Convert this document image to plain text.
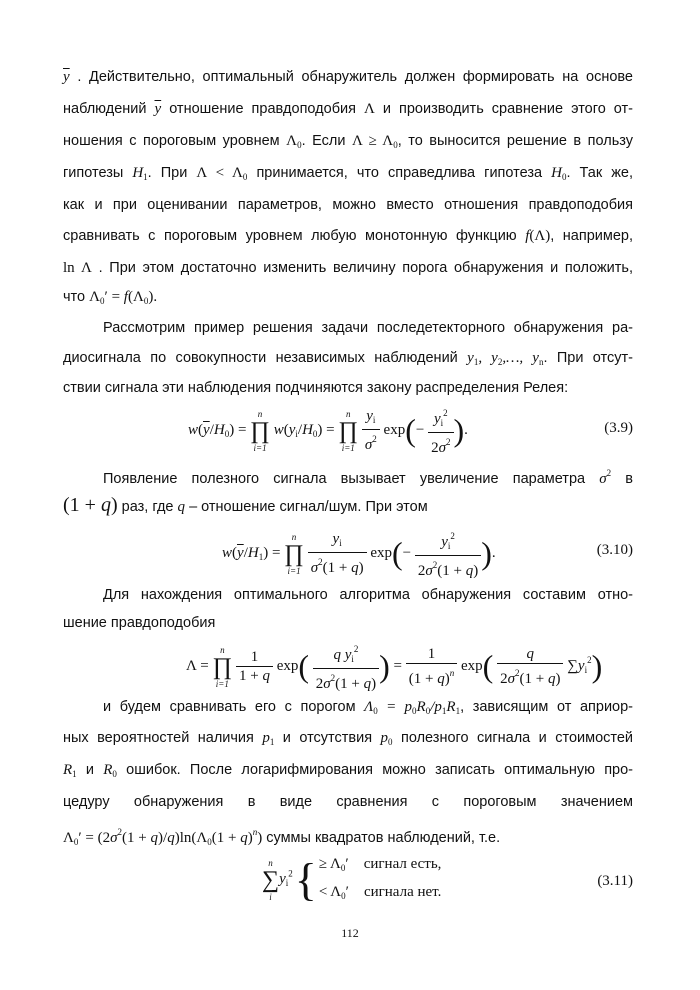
$\overline{y}$ . Действительно, оптимальный обнаружитель должен формировать на основе
наблюдений $\overline{y}$ отношение правдоподобия Λ и производить сравнение этого от-
ношения с пороговым уровнем $\Lambda_0$. Если $\Lambda \ge \Lambda_0$, то выносится решение в пользу
гипотезы $H_1$. При $\Lambda < \Lambda_0$ принимается, что справедлива гипотеза $H_0$. Так же,
как и при оценивании параметров, можно вместо отношения правдоподобия
сравнивать с пороговым уровнем любую монотонную функцию f(Λ), например,
ln Λ . При этом достаточно изменить величину порога обнаружения и положить,
что $\Lambda_0' = f(\Lambda_0)$.
Рассмотрим пример решения задачи последетекторного обнаружения ра-
диосигнала по совокупности независимых наблюдений $y_1$, $y_2,\dots$, $y_n$. При отсут-
ствии сигнала эти наблюдения подчиняются закону распределения Релея:
$w(\overline{y}/H_0)$ =
n
∏
i=1
$w(y_i/H_0)$ =
n
∏
i=1
$\frac{y_i}{\sigma^2} \exp(- \frac{y_i^2}{2\sigma^2}$ ).	(3.9)
Появление полезного сигнала вызывает увеличение параметра $\sigma^2$ в
(1 + q) раз, где q – отношение сигнал/шум. При этом
$w(\overline{y}/H_1)$ =
n
∏
i=1
$\frac{y_i}{\sigma^2(1 + q)} \exp(- \frac{y_i^2}{2\sigma^2(1 + q)}$ ).	(3.10)
Для нахождения оптимального алгоритма обнаружения составим отно-
шение правдоподобия
Λ =
n
∏
i=1
$\frac{1}{1 + q} \exp( \frac{q y_i^2}{2\sigma^2(1 + q)}$ ) = $\frac{1}{(1 + q)^n} \exp( \frac{q}{2\sigma^2(1 + q)} \sum y_i^2)$
и будем сравнивать его с порогом $\Lambda_0 = p_0R_0/p_1R_1$, зависящим от априор-
ных вероятностей наличия $p_1$ и отсутствия $p_0$ полезного сигнала и стоимостей
$R_1$ и $R_0$ ошибок. После логарифмирования можно записать оптимальную про-
цедуру обнаружения в виде сравнения с пороговым значением
$\Lambda_0' = (2\sigma^2(1 + q)/q)\ln(\Lambda_0(1 + q)^n)$ суммы квадратов наблюдений, т.е.
n
∑
i
$y_i^2\{ \ge \Lambda_0'$    сигнал есть,
< $\Lambda_0'$    сигнала нет.
(3.11)
112
